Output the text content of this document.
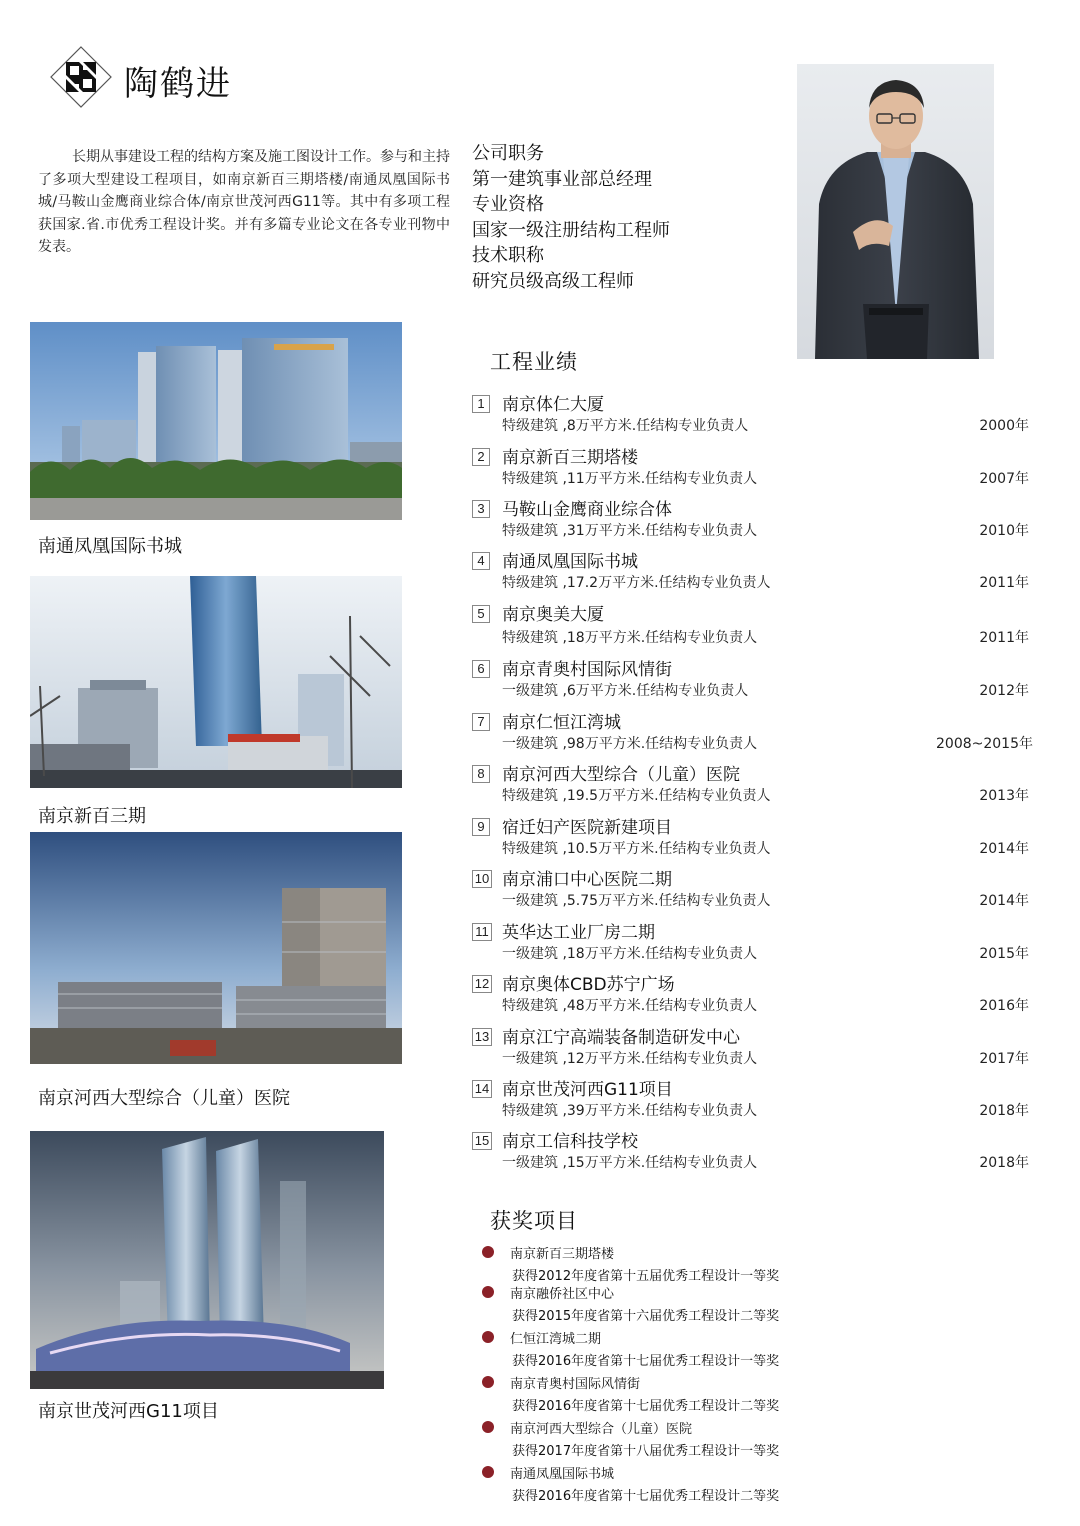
陶鹤进
长期从事建设工程的结构方案及施工图设计工作。参与和主持了多项大型建设工程项目，如南京新百三期塔楼/南通凤凰国际书城/马鞍山金鹰商业综合体/南京世茂河西G11等。其中有多项工程获国家.省.市优秀工程设计奖。并有多篇专业论文在各专业刊物中发表。
公司职务
第一建筑事业部总经理
专业资格
国家一级注册结构工程师
技术职称
研究员级高级工程师
南通凤凰国际书城
南京新百三期
南京河西大型综合（儿童）医院
南京世茂河西G11项目
工程业绩
1	南京体仁大厦
特级建筑 ,8万平方米.任结构专业负责人	2000年
2	南京新百三期塔楼
特级建筑 ,11万平方米.任结构专业负责人	2007年
3	马鞍山金鹰商业综合体
特级建筑 ,31万平方米.任结构专业负责人	2010年
4	南通凤凰国际书城
特级建筑 ,17.2万平方米.任结构专业负责人	2011年
5	南京奥美大厦
特级建筑 ,18万平方米.任结构专业负责人	2011年
6	南京青奥村国际风情街
一级建筑 ,6万平方米.任结构专业负责人	2012年
7	南京仁恒江湾城
一级建筑 ,98万平方米.任结构专业负责人	2008~2015年
8	南京河西大型综合（儿童）医院
特级建筑 ,19.5万平方米.任结构专业负责人	2013年
9	宿迁妇产医院新建项目
特级建筑 ,10.5万平方米.任结构专业负责人	2014年
10 南京浦口中心医院二期
一级建筑 ,5.75万平方米.任结构专业负责人	2014年
11 英华达工业厂房二期
一级建筑 ,18万平方米.任结构专业负责人	2015年
12 南京奥体CBD苏宁广场
特级建筑 ,48万平方米.任结构专业负责人	2016年
13 南京江宁高端装备制造研发中心
一级建筑 ,12万平方米.任结构专业负责人	2017年
14 南京世茂河西G11项目
特级建筑 ,39万平方米.任结构专业负责人	2018年
15 南京工信科技学校
一级建筑 ,15万平方米.任结构专业负责人	2018年
获奖项目
南京新百三期塔楼
获得2012年度省第十五届优秀工程设计一等奖
南京融侨社区中心
获得2015年度省第十六届优秀工程设计二等奖
仁恒江湾城二期
获得2016年度省第十七届优秀工程设计一等奖
南京青奥村国际风情街
获得2016年度省第十七届优秀工程设计二等奖
南京河西大型综合（儿童）医院
获得2017年度省第十八届优秀工程设计一等奖
南通凤凰国际书城
获得2016年度省第十七届优秀工程设计二等奖
